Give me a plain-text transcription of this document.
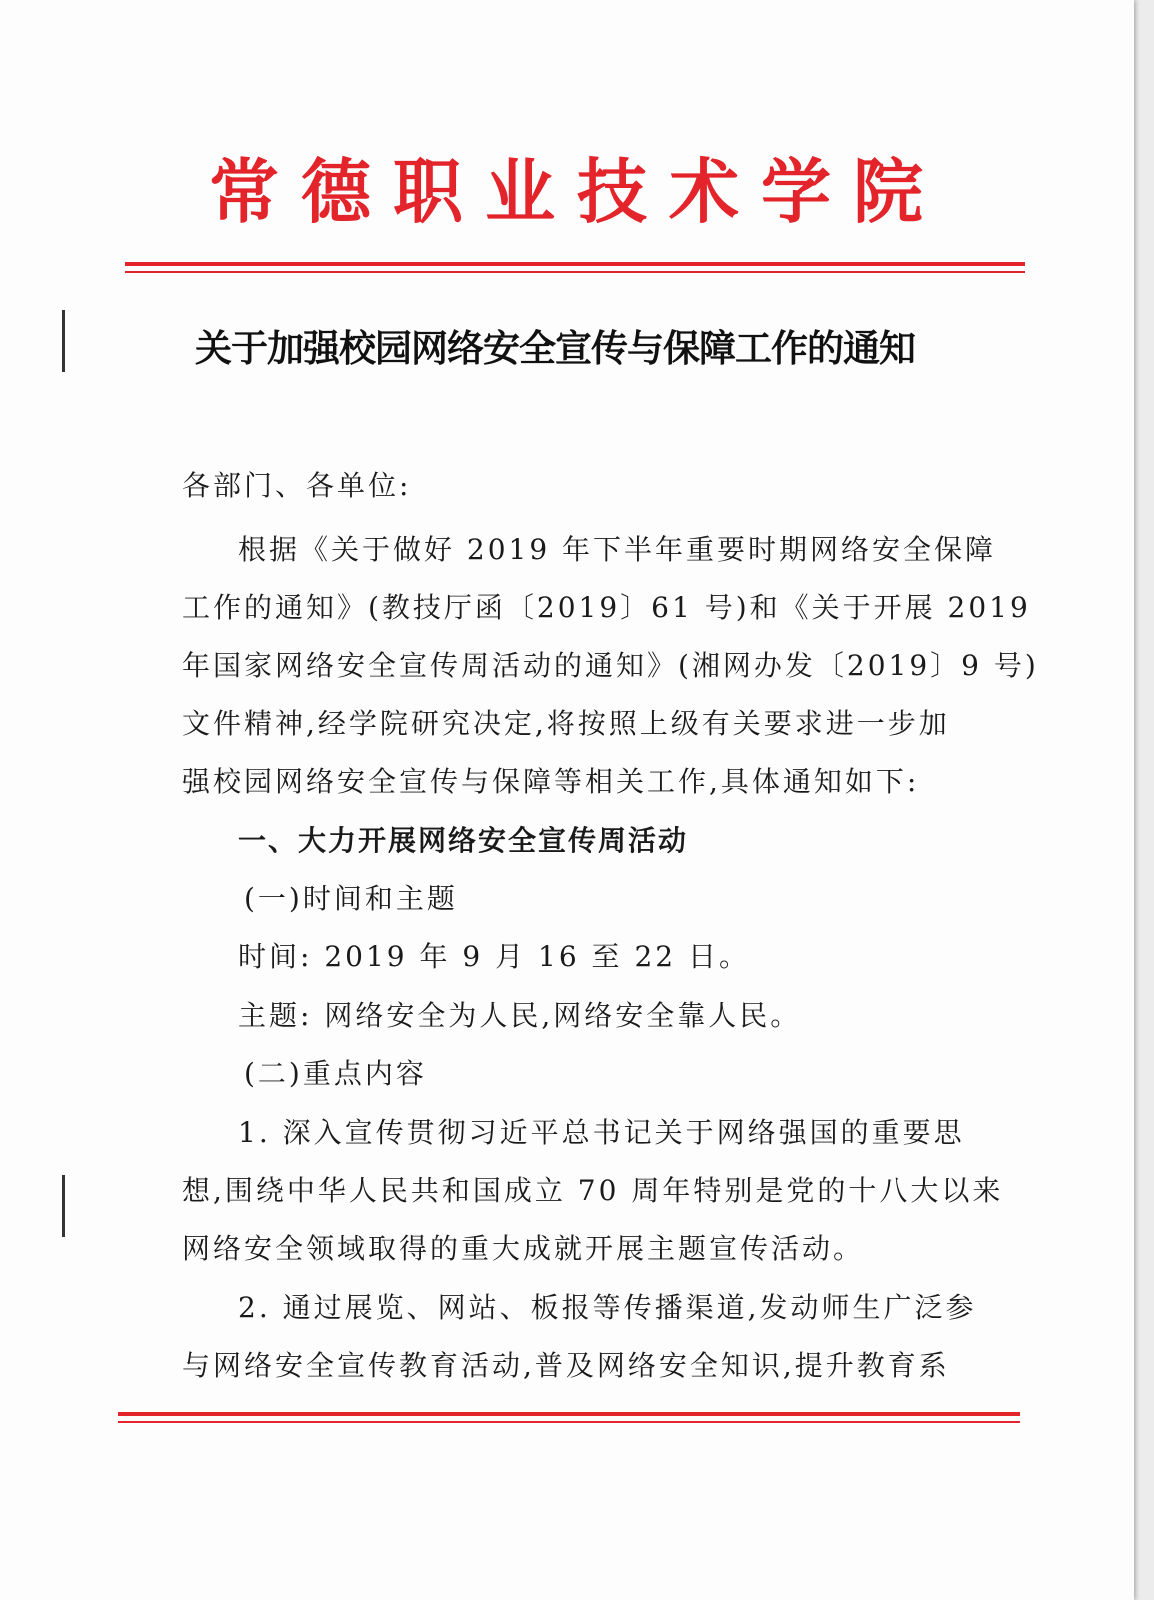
常德职业技术学院
关于加强校园网络安全宣传与保障工作的通知
各部门、各单位:
根据《关于做好 2019 年下半年重要时期网络安全保障
工作的通知》(教技厅函〔2019〕61 号)和《关于开展 2019
年国家网络安全宣传周活动的通知》(湘网办发〔2019〕9 号)
文件精神,经学院研究决定,将按照上级有关要求进一步加
强校园网络安全宣传与保障等相关工作,具体通知如下:
一、大力开展网络安全宣传周活动
(一)时间和主题
时间: 2019 年 9 月 16 至 22 日。
主题: 网络安全为人民,网络安全靠人民。
(二)重点内容
1. 深入宣传贯彻习近平总书记关于网络强国的重要思
想,围绕中华人民共和国成立 70 周年特别是党的十八大以来
网络安全领域取得的重大成就开展主题宣传活动。
2. 通过展览、网站、板报等传播渠道,发动师生广泛参
与网络安全宣传教育活动,普及网络安全知识,提升教育系
